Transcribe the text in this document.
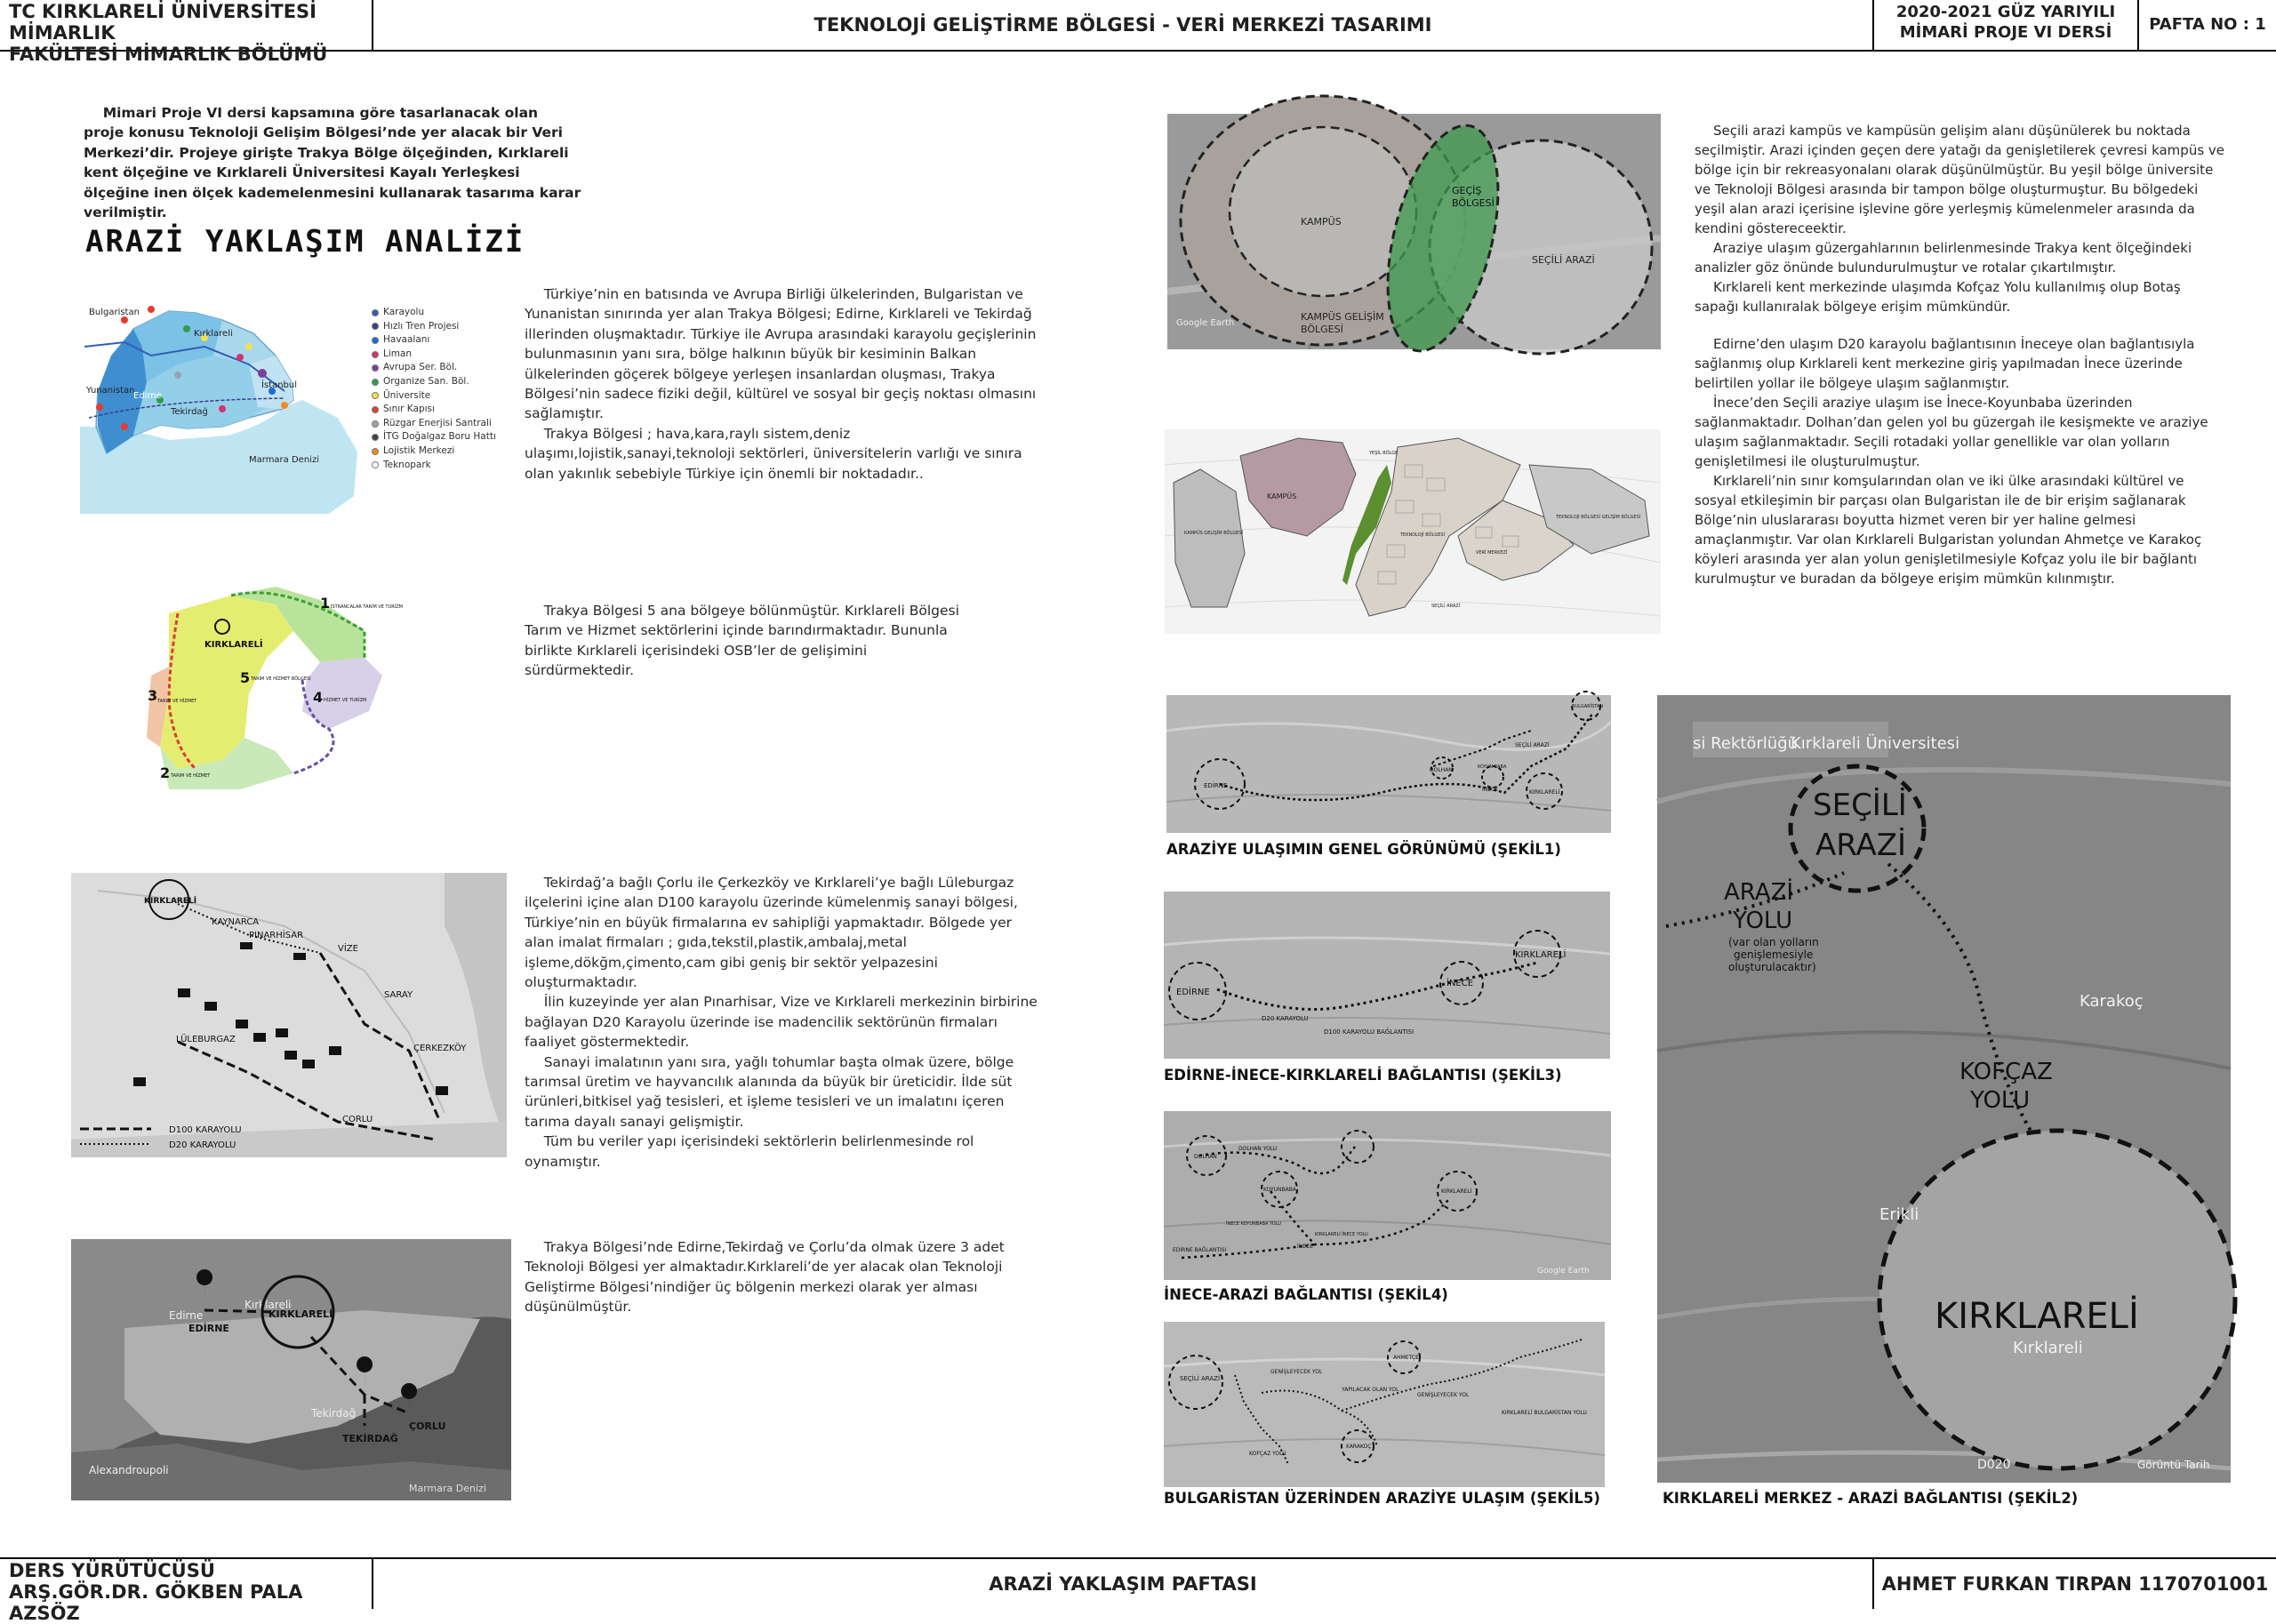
TC KIRKLARELİ ÜNİVERSİTESİ MİMARLIK
FAKÜLTESİ MİMARLIK BÖLÜMÜ
TEKNOLOJİ GELİŞTİRME BÖLGESİ - VERİ MERKEZİ TASARIMI
2020-2021 GÜZ YARIYILI
MİMARİ PROJE VI DERSİ	PAFTA NO : 1

Mimari Proje VI dersi kapsamına göre tasarlanacak olan proje konusu Teknoloji Gelişim Bölgesi’nde yer alacak bir Veri Merkezi’dir. Projeye girişte Trakya Bölge ölçeğinden, Kırklareli kent ölçeğine ve Kırklareli Üniversitesi Kayalı Yerleşkesi ölçeğine inen ölçek kademelenmesini kullanarak tasarıma karar verilmiştir.

ARAZİ YAKLAŞIM ANALİZİ
Bulgaristan
Kırklareli
Yunanistan
Edirne
İstanbul
Tekirdağ
Marmara Denizi
Karayolu
Hızlı Tren Projesi
Havaalanı
Liman
Avrupa Ser. Böl.
Organize San. Böl.
Üniversite
Sınır Kapısı
Rüzgar Enerjisi Santrali
İTG Doğalgaz Boru Hattı
Lojistik Merkezi
Teknopark

Türkiye’nin en batısında ve Avrupa Birliği ülkelerinden, Bulgaristan ve Yunanistan sınırında yer alan Trakya Bölgesi; Edirne, Kırklareli ve Tekirdağ illerinden oluşmaktadır. Türkiye ile Avrupa arasındaki karayolu geçişlerinin bulunmasının yanı sıra, bölge halkının büyük bir kesiminin Balkan ülkelerinden göçerek bölgeye yerleşen insanlardan oluşması, Trakya Bölgesi’nin sadece fiziki değil, kültürel ve sosyal bir geçiş noktası olmasını sağlamıştır.

Trakya Bölgesi ; hava,kara,raylı sistem,deniz ulaşımı,lojistik,sanayi,teknoloji sektörleri, üniversitelerin varlığı ve sınıra olan yakınlık sebebiyle Türkiye için önemli bir noktadadır..

KIRKLARELİ
1 İSTRANCALAR TARIM VE TURİZM
2 TARIM VE HİZMET
3 TARIM VE HİZMET	4 HİZMET VE TURİZM
5 TARIM VE HİZMET BÖLGESİ

Trakya Bölgesi 5 ana bölgeye bölünmüştür. Kırklareli Bölgesi Tarım ve Hizmet sektörlerini içinde barındırmaktadır. Bununla birlikte Kırklareli içerisindeki OSB’ler de gelişimini sürdürmektedir.

KIRKLARELİ
KAYNARCA
PINARHİSAR
VİZE
SARAY
LÜLEBURGAZ
ÇERKEZKÖY
ÇORLU
D100 KARAYOLU
D20 KARAYOLU

Tekirdağ’a bağlı Çorlu ile Çerkezköy ve Kırklareli’ye bağlı Lüleburgaz ilçelerini içine alan D100 karayolu üzerinde kümelenmiş sanayi bölgesi, Türkiye’nin en büyük firmalarına ev sahipliği yapmaktadır. Bölgede yer alan imalat firmaları ; gıda,tekstil,plastik,ambalaj,metal işleme,dökğm,çimento,cam gibi geniş bir sektör yelpazesini oluşturmaktadır.

İlin kuzeyinde yer alan Pınarhisar, Vize ve Kırklareli merkezinin birbirine bağlayan D20 Karayolu üzerinde ise madencilik sektörünün firmaları faaliyet göstermektedir.

Sanayi imalatının yanı sıra, yağlı tohumlar başta olmak üzere, bölge tarımsal üretim ve hayvancılık alanında da büyük bir üreticidir. İlde süt ürünleri,bitkisel yağ tesisleri, et işleme tesisleri ve un imalatını içeren tarıma dayalı sanayi gelişmiştir.

Tüm bu veriler yapı içerisindeki sektörlerin belirlenmesinde rol oynamıştır.

Edirne
Kırklareli
Tekirdağ
Alexandroupoli
Marmara Denizi
EDİRNE
KIRKLARELİ
TEKİRDAĞ
ÇORLU

Trakya Bölgesi’nde Edirne,Tekirdağ ve Çorlu’da olmak üzere 3 adet Teknoloji Bölgesi yer almaktadır.Kırklareli’de yer alacak olan Teknoloji Geliştirme Bölgesi’nindiğer üç bölgenin merkezi olarak yer alması düşünülmüştür.

KAMPÜS
GEÇİŞ
BÖLGESİ
SEÇİLİ ARAZİ
KAMPÜS GELİŞİM
BÖLGESİ
Google Earth
KAMPÜS
YEŞİL BÖLGE
TEKNOLOJİ BÖLGESİ
KAMPÜS GELİŞİM BÖLGESİ
VERİ MERKEZİ
TEKNOLOJİ BÖLGESİ GELİŞİM BÖLGESİ
SEÇİLİ ARAZİ

Seçili arazi kampüs ve kampüsün gelişim alanı düşünülerek bu noktada seçilmiştir. Arazi içinden geçen dere yatağı da genişletilerek çevresi kampüs ve bölge için bir rekreasyonalanı olarak düşünülmüştür. Bu yeşil bölge üniversite ve Teknoloji Bölgesi arasında bir tampon bölge oluşturmuştur. Bu bölgedeki yeşil alan arazi içerisine işlevine göre yerleşmiş kümelenmeler arasında da kendini göstereceektir.

Araziye ulaşım güzergahlarının belirlenmesinde Trakya kent ölçeğindeki analizler göz önünde bulundurulmuştur ve rotalar çıkartılmıştır.

Kırklareli kent merkezinde ulaşımda Kofçaz Yolu kullanılmış olup Botaş sapağı kullanıralak bölgeye erişim mümkündür.

Edirne’den ulaşım D20 karayolu bağlantısının İneceye olan bağlantısıyla sağlanmış olup Kırklareli kent merkezine giriş yapılmadan İnece üzerinde belirtilen yollar ile bölgeye ulaşım sağlanmıştır.

İnece’den Seçili araziye ulaşım ise İnece-Koyunbaba üzerinden sağlanmaktadır. Dolhan’dan gelen yol bu güzergah ile kesişmekte ve araziye ulaşım sağlanmaktadır. Seçili rotadaki yollar genellikle var olan yolların genişletilmesi ile oluşturulmuştur.

Kırklareli’nin sınır komşularından olan ve iki ülke arasındaki kültürel ve sosyal etkileşimin bir parçası olan Bulgaristan ile de bir erişim sağlanarak Bölge’nin uluslararası boyutta hizmet veren bir yer haline gelmesi amaçlanmıştır. Var olan Kırklareli Bulgaristan yolundan Ahmetçe ve Karakoç köyleri arasında yer alan yolun genişletilmesiyle Kofçaz yolu ile bir bağlantı kurulmuştur ve buradan da bölgeye erişim mümkün kılınmıştır.

EDİRNE
İNECE	KIRKLARELİ
DOLHAN	KOYUN BABA
SEÇİLİ ARAZİ
BULGARİSTAN
ARAZİYE ULAŞIMIN GENEL GÖRÜNÜMÜ (ŞEKİL1)
EDİRNE
İNECE
KIRKLARELİ
D20 KARAYOLU
D100 KARAYOLU BAĞLANTISI
EDİRNE-İNECE-KIRKLARELİ BAĞLANTISI (ŞEKİL3)
DOLHAN
DOLHAN YOLU
KOYUNBABA	KIRKLARELİ
EDİRNE BAĞLANTISI
İNECE
İNECE KOYUNBABA YOLU
KIRKLARELİ İNECE YOLU
Google Earth
İNECE-ARAZİ BAĞLANTISI (ŞEKİL4)
SEÇİLİ ARAZİ
GENİŞLEYECEK YOL
AHMETÇE
YAPILACAK OLAN YOL
GENİŞLEYECEK YOL
KIRKLARELİ BULGARİSTAN YOLU
KOFÇAZ YOLU
KARAKOÇ
BULGARİSTAN ÜZERİNDEN ARAZİYE ULAŞIM (ŞEKİL5)
si Rektörlüğü
Kırklareli Üniversitesi
Karakoç
Erikli
Kırklareli
D020	Görüntü Tarih
SEÇİLİ
ARAZİ
ARAZİ
YOLU
(var olan yolların
genişlemesiyle
oluşturulacaktır)
KOFÇAZ
YOLU
KIRKLARELİ
KIRKLARELİ MERKEZ - ARAZİ BAĞLANTISI (ŞEKİL2)
DERS YÜRÜTÜCÜSÜ
ARŞ.GÖR.DR. GÖKBEN PALA AZSÖZ
ARAZİ YAKLAŞIM PAFTASI	AHMET FURKAN TIRPAN 1170701001
